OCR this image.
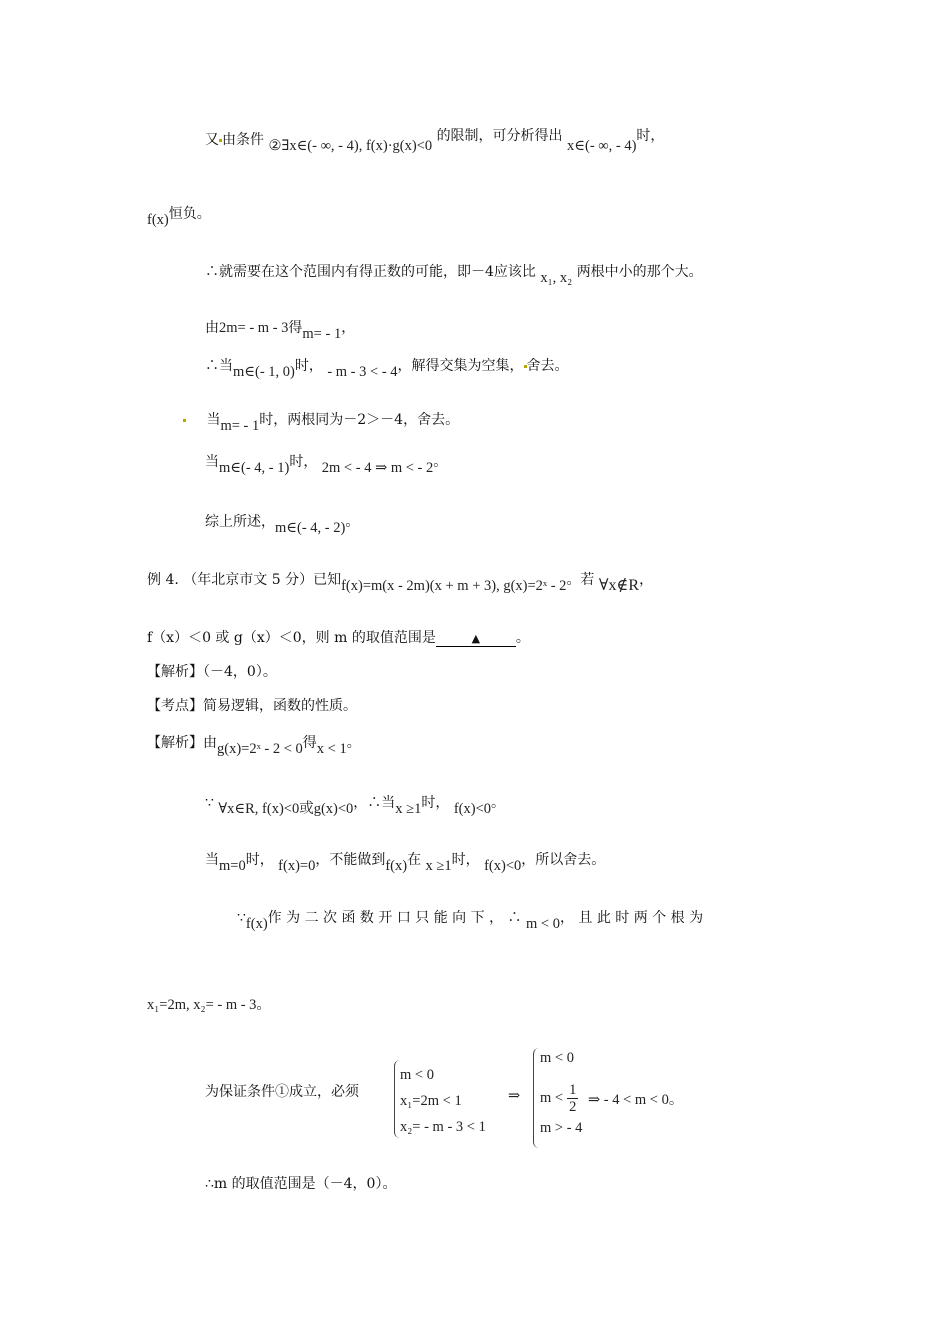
又 由条件 ②∃x∈(- ∞, - 4), f(x)·g(x)<0 的限制，可分析得出 x∈(- ∞, - 4)时，
f(x)恒负。
∴就需要在这个范围内有得正数的可能，即－4应该比 x₁, x₂ 两根中小的那个大。
由2m= - m - 3得m= - 1，
∴当m∈(- 1, 0)时， - m - 3 < - 4，解得交集为空集， 舍去。
当m= - 1时，两根同为－2＞－4，舍去。
当m∈(- 4, - 1)时， 2m < - 4 ⇒ m < - 2。
综上所述，m∈(- 4, - 2)。
例 4. （年北京市文 5 分）已知f(x)=m(x - 2m)(x + m + 3), g(x)=2ˣ - 2。若 ∀x∉R，
f（x）＜0 或 g（x）＜0，则 m 的取值范围是	▲	。
【解析】（－4，0）。
【考点】简易逻辑，函数的性质。
【解析】由g(x)=2ˣ - 2 < 0得x < 1。
∵ ∀x∈R, f(x)<0或g(x)<0，∴当x ≥1时， f(x)<0。
当m=0时， f(x)=0，不能做到f(x)在 x ≥1时， f(x)<0，所以舍去。
∵f(x)作 为 二 次 函 数 开 口 只 能 向 下 ， ∴ m < 0， 且 此 时 两 个 根 为
x₁=2m, x₂= - m - 3。
为保证条件①成立，必须
m < 0
x₁=2m < 1
x₂= - m - 3 < 1
⇒
m < 0
$m < \frac{1}{2}$
m > - 4
⇒ - 4 < m < 0。
∴m 的取值范围是（－4，0）。
